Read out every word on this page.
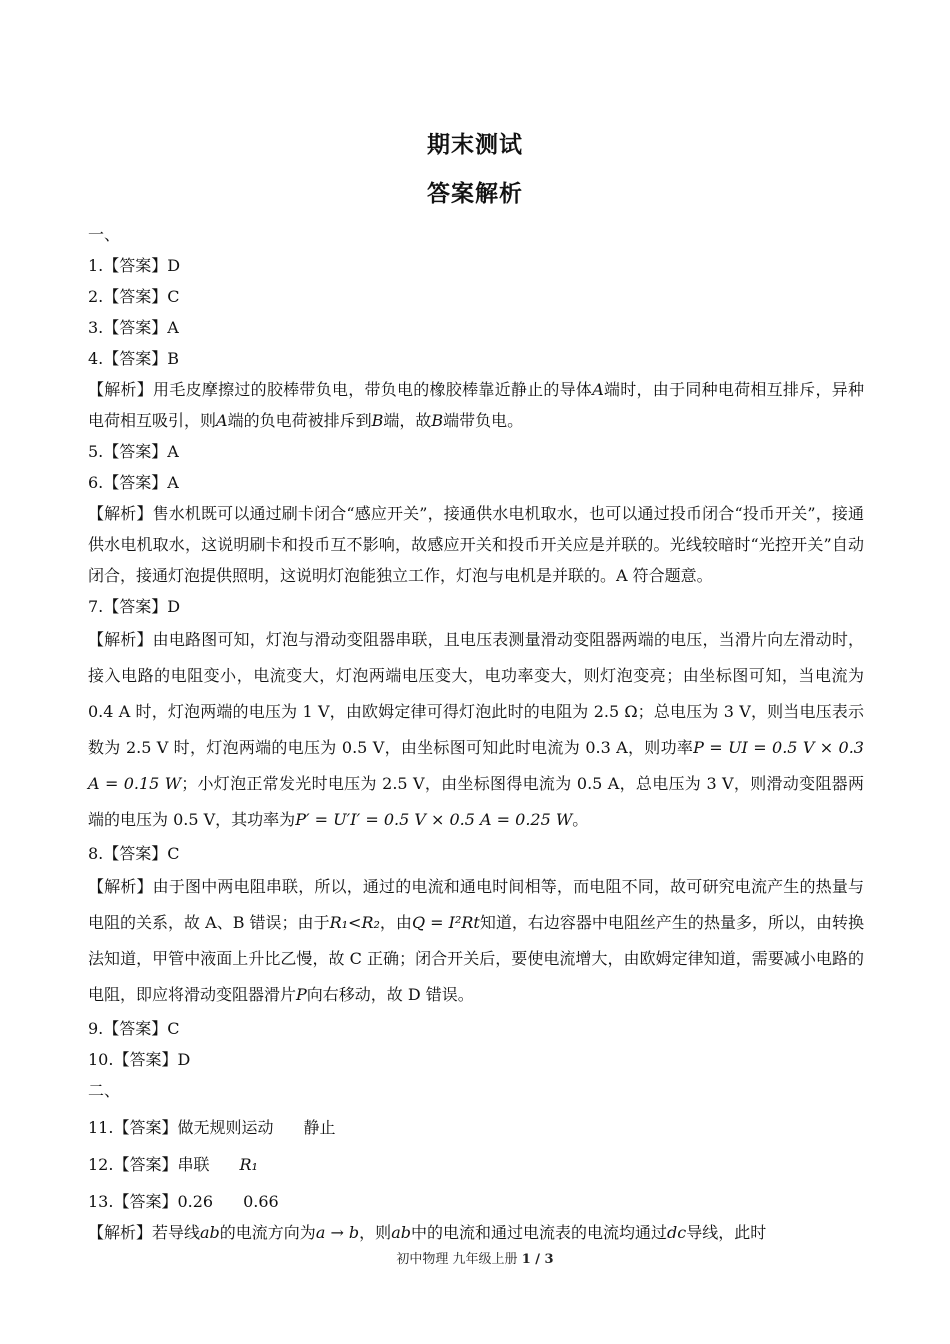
期末测试
答案解析
一、
1.【答案】D
2.【答案】C
3.【答案】A
4.【答案】B
【解析】用毛皮摩擦过的胶棒带负电，带负电的橡胶棒靠近静止的导体A端时，由于同种电荷相互排斥，异种电荷相互吸引，则A端的负电荷被排斥到B端，故B端带负电。
5.【答案】A
6.【答案】A
【解析】售水机既可以通过刷卡闭合“感应开关”，接通供水电机取水，也可以通过投币闭合“投币开关”，接通供水电机取水，这说明刷卡和投币互不影响，故感应开关和投币开关应是并联的。光线较暗时“光控开关”自动闭合，接通灯泡提供照明，这说明灯泡能独立工作，灯泡与电机是并联的。A 符合题意。
7.【答案】D
【解析】由电路图可知，灯泡与滑动变阻器串联，且电压表测量滑动变阻器两端的电压，当滑片向左滑动时，接入电路的电阻变小，电流变大，灯泡两端电压变大，电功率变大，则灯泡变亮；由坐标图可知，当电流为 0.4 A 时，灯泡两端的电压为 1 V，由欧姆定律可得灯泡此时的电阻为 2.5 Ω；总电压为 3 V，则当电压表示数为 2.5 V 时，灯泡两端的电压为 0.5 V，由坐标图可知此时电流为 0.3 A，则功率P = UI = 0.5 V × 0.3 A = 0.15 W；小灯泡正常发光时电压为 2.5 V，由坐标图得电流为 0.5 A，总电压为 3 V，则滑动变阻器两端的电压为 0.5 V，其功率为P′ = U′I′ = 0.5 V × 0.5 A = 0.25 W。
8.【答案】C
【解析】由于图中两电阻串联，所以，通过的电流和通电时间相等，而电阻不同，故可研究电流产生的热量与电阻的关系，故 A、B 错误；由于R₁<R₂，由Q = I²Rt知道，右边容器中电阻丝产生的热量多，所以，由转换法知道，甲管中液面上升比乙慢，故 C 正确；闭合开关后，要使电流增大，由欧姆定律知道，需要减小电路的电阻，即应将滑动变阻器滑片P向右移动，故 D 错误。
9.【答案】C
10.【答案】D
二、
11.【答案】做无规则运动 静止
12.【答案】串联 R₁
13.【答案】0.26 0.66
【解析】若导线ab的电流方向为a → b，则ab中的电流和通过电流表的电流均通过dc导线，此时
初中物理 九年级上册 1 / 3
